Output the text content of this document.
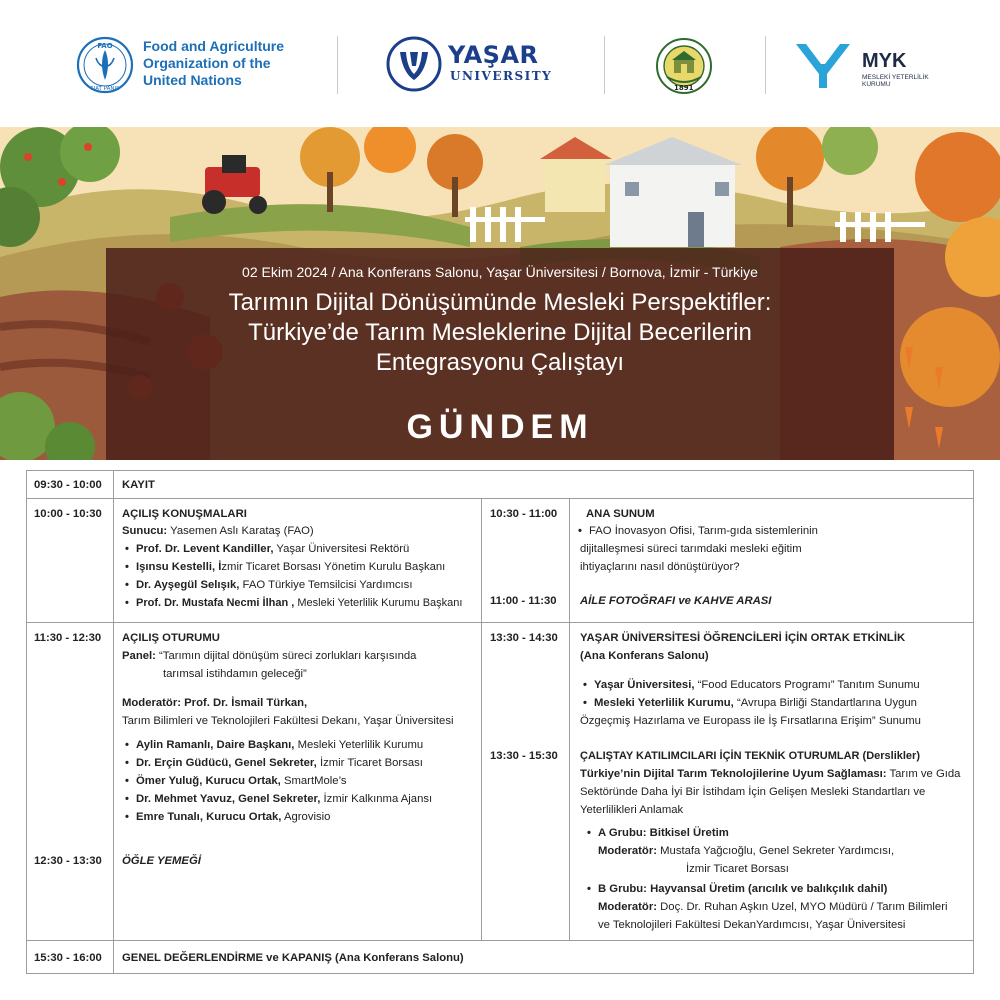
FAO
FIAT PANIS
Food and Agriculture
Organization of the
United Nations
YAŞAR
UNIVERSITY
1891
MYK
MESLEKİ YETERLİLİK KURUMU
02 Ekim 2024 / Ana Konferans Salonu, Yaşar Üniversitesi / Bornova, İzmir - Türkiye
Tarımın Dijital Dönüşümünde Mesleki Perspektifler:
Türkiye’de Tarım Mesleklerine Dijital Becerilerin
Entegrasyonu Çalıştayı
GÜNDEM
09:30 - 10:00 KAYIT
10:00 - 10:30 AÇILIŞ KONUŞMALARI
Sunucu: Yasemen Aslı Karataş (FAO)
• Prof. Dr. Levent Kandiller, Yaşar Üniversitesi Rektörü
• Işınsu Kestelli, İzmir Ticaret Borsası Yönetim Kurulu Başkanı
• Dr. Ayşegül Selışık, FAO Türkiye Temsilcisi Yardımcısı
• Prof. Dr. Mustafa Necmi İlhan , Mesleki Yeterlilik Kurumu Başkanı
10:30 - 11:00	ANA SUNUM
• FAO İnovasyon Ofisi, Tarım-gıda sistemlerinin
dijitalleşmesi süreci tarımdaki mesleki eğitim
ihtiyaçlarını nasıl dönüştürüyor?
11:00 - 11:30 AİLE FOTOĞRAFI ve KAHVE ARASI
11:30 - 12:30 AÇILIŞ OTURUMU
Panel: “Tarımın dijital dönüşüm süreci zorlukları karşısında
tarımsal istihdamın geleceği”
Moderatör: Prof. Dr. İsmail Türkan,
Tarım Bilimleri ve Teknolojileri Fakültesi Dekanı, Yaşar Üniversitesi
• Aylin Ramanlı, Daire Başkanı, Mesleki Yeterlilik Kurumu
• Dr. Erçin Güdücü, Genel Sekreter, İzmir Ticaret Borsası
• Ömer Yuluğ, Kurucu Ortak, SmartMole’s
• Dr. Mehmet Yavuz, Genel Sekreter, İzmir Kalkınma Ajansı
• Emre Tunalı, Kurucu Ortak, Agrovisio
12:30 - 13:30 ÖĞLE YEMEĞİ
13:30 - 14:30 YAŞAR ÜNİVERSİTESİ ÖĞRENCİLERİ İÇİN ORTAK ETKİNLİK
(Ana Konferans Salonu)
• Yaşar Üniversitesi, “Food Educators Programı” Tanıtım Sunumu
• Mesleki Yeterlilik Kurumu, “Avrupa Birliği Standartlarına Uygun
Özgeçmiş Hazırlama ve Europass ile İş Fırsatlarına Erişim” Sunumu
13:30 - 15:30 ÇALIŞTAY KATILIMCILARI İÇİN TEKNİK OTURUMLAR (Derslikler)
Türkiye’nin Dijital Tarım Teknolojilerine Uyum Sağlaması: Tarım ve Gıda
Sektöründe Daha İyi Bir İstihdam İçin Gelişen Mesleki Standartları ve
Yeterlilikleri Anlamak
• A Grubu: Bitkisel Üretim
Moderatör: Mustafa Yağcıoğlu, Genel Sekreter Yardımcısı,
İzmir Ticaret Borsası
• B Grubu: Hayvansal Üretim (arıcılık ve balıkçılık dahil)
Moderatör: Doç. Dr. Ruhan Aşkın Uzel, MYO Müdürü / Tarım Bilimleri
ve Teknolojileri Fakültesi DekanYardımcısı, Yaşar Üniversitesi
15:30 - 16:00 GENEL DEĞERLENDİRME ve KAPANIŞ (Ana Konferans Salonu)
